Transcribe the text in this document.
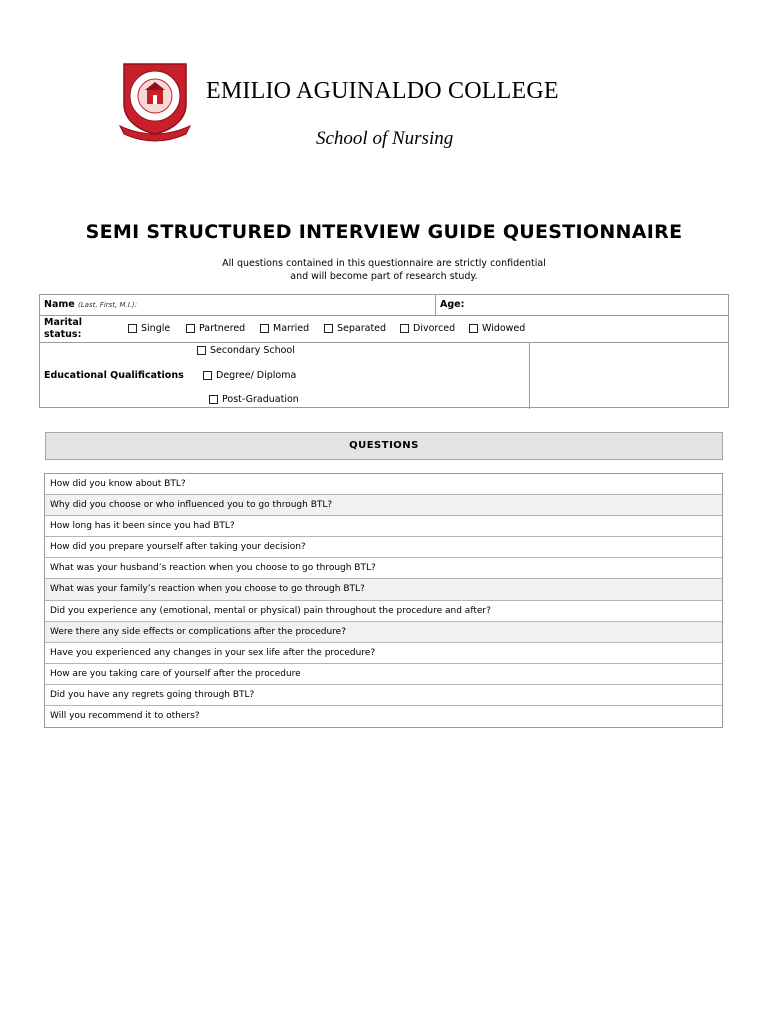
EMILIO AGUINALDO COLLEGE
School of Nursing
SEMI STRUCTURED INTERVIEW GUIDE QUESTIONNAIRE
All questions contained in this questionnaire are strictly confidential
and will become part of research study.
Name (Last, First, M.I.):	Age:
Marital
status:
Single	Partnered	Married	Separated	Divorced	Widowed
Educational Qualifications
Secondary School
Degree/ Diploma
Post-Graduation
QUESTIONS
How did you know about BTL?
Why did you choose or who influenced you to go through BTL?
How long has it been since you had BTL?
How did you prepare yourself after taking your decision?
What was your husband’s reaction when you choose to go through BTL?
What was your family’s reaction when you choose to go through BTL?
Did you experience any (emotional, mental or physical) pain throughout the procedure and after?
Were there any side effects or complications after the procedure?
Have you experienced any changes in your sex life after the procedure?
How are you taking care of yourself after the procedure
Did you have any regrets going through BTL?
Will you recommend it to others?
